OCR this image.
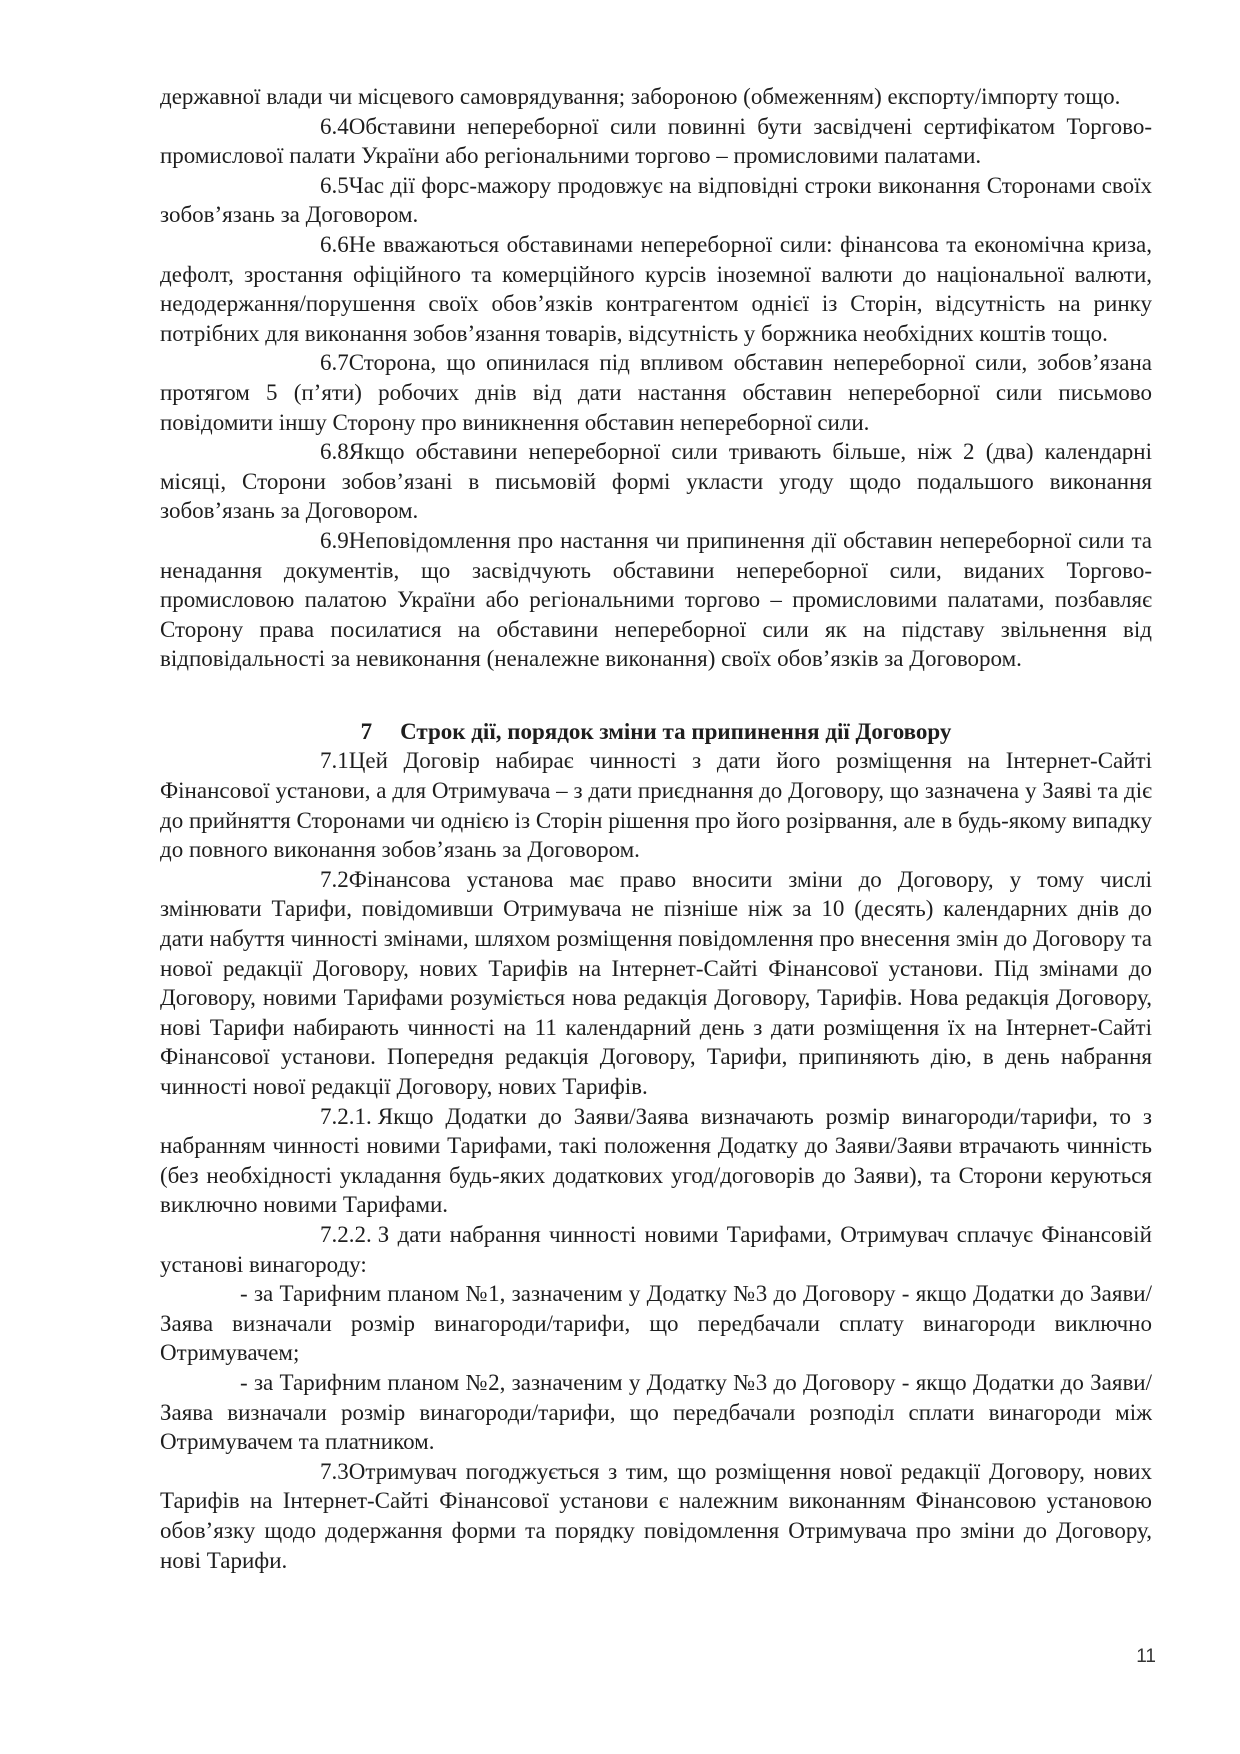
державної влади чи місцевого самоврядування; забороною (обмеженням) експорту/імпорту тощо.

6.4Обставини непереборної сили повинні бути засвідчені сертифікатом Торгово-промислової палати України або регіональними торгово – промисловими палатами.

6.5Час дії форс-мажору продовжує на відповідні строки виконання Сторонами своїх зобов’язань за Договором.

6.6Не вважаються обставинами непереборної сили: фінансова та економічна криза, дефолт, зростання офіційного та комерційного курсів іноземної валюти до національної валюти, недодержання/порушення своїх обов’язків контрагентом однієї із Сторін, відсутність на ринку потрібних для виконання зобов’язання товарів, відсутність у боржника необхідних коштів тощо.

6.7Сторона, що опинилася під впливом обставин непереборної сили, зобов’язана протягом 5 (п’яти) робочих днів від дати настання обставин непереборної сили письмово повідомити іншу Сторону про виникнення обставин непереборної сили.

6.8Якщо обставини непереборної сили тривають більше, ніж 2 (два) календарні місяці, Сторони зобов’язані в письмовій формі укласти угоду щодо подальшого виконання зобов’язань за Договором.

6.9Неповідомлення про настання чи припинення дії обставин непереборної сили та ненадання документів, що засвідчують обставини непереборної сили, виданих Торгово-промисловою палатою України або регіональними торгово – промисловими палатами, позбавляє Сторону права посилатися на обставини непереборної сили як на підставу звільнення від відповідальності за невиконання (неналежне виконання) своїх обов’язків за Договором.

7 Строк дії, порядок зміни та припинення дії Договору

7.1Цей Договір набирає чинності з дати його розміщення на Інтернет-Сайті Фінансової установи, а для Отримувача – з дати приєднання до Договору, що зазначена у Заяві та діє до прийняття Сторонами чи однією із Сторін рішення про його розірвання, але в будь-якому випадку до повного виконання зобов’язань за Договором.

7.2Фінансова установа має право вносити зміни до Договору, у тому числі змінювати Тарифи, повідомивши Отримувача не пізніше ніж за 10 (десять) календарних днів до дати набуття чинності змінами, шляхом розміщення повідомлення про внесення змін до Договору та нової редакції Договору, нових Тарифів на Інтернет-Сайті Фінансової установи. Під змінами до Договору, новими Тарифами розуміється нова редакція Договору, Тарифів. Нова редакція Договору, нові Тарифи набирають чинності на 11 календарний день з дати розміщення їх на Інтернет-Сайті Фінансової установи. Попередня редакція Договору, Тарифи, припиняють дію, в день набрання чинності нової редакції Договору, нових Тарифів.

7.2.1. Якщо Додатки до Заяви/Заява визначають розмір винагороди/тарифи, то з набранням чинності новими Тарифами, такі положення Додатку до Заяви/Заяви втрачають чинність (без необхідності укладання будь-яких додаткових угод/договорів до Заяви), та Сторони керуються виключно новими Тарифами.

7.2.2. З дати набрання чинності новими Тарифами, Отримувач сплачує Фінансовій установі винагороду:

- за Тарифним планом №1, зазначеним у Додатку №3 до Договору - якщо Додатки до Заяви/Заява визначали розмір винагороди/тарифи, що передбачали сплату винагороди виключно Отримувачем;

- за Тарифним планом №2, зазначеним у Додатку №3 до Договору - якщо Додатки до Заяви/Заява визначали розмір винагороди/тарифи, що передбачали розподіл сплати винагороди між Отримувачем та платником.

7.3Отримувач погоджується з тим, що розміщення нової редакції Договору, нових Тарифів на Інтернет-Сайті Фінансової установи є належним виконанням Фінансовою установою обов’язку щодо додержання форми та порядку повідомлення Отримувача про зміни до Договору, нові Тарифи.

11
